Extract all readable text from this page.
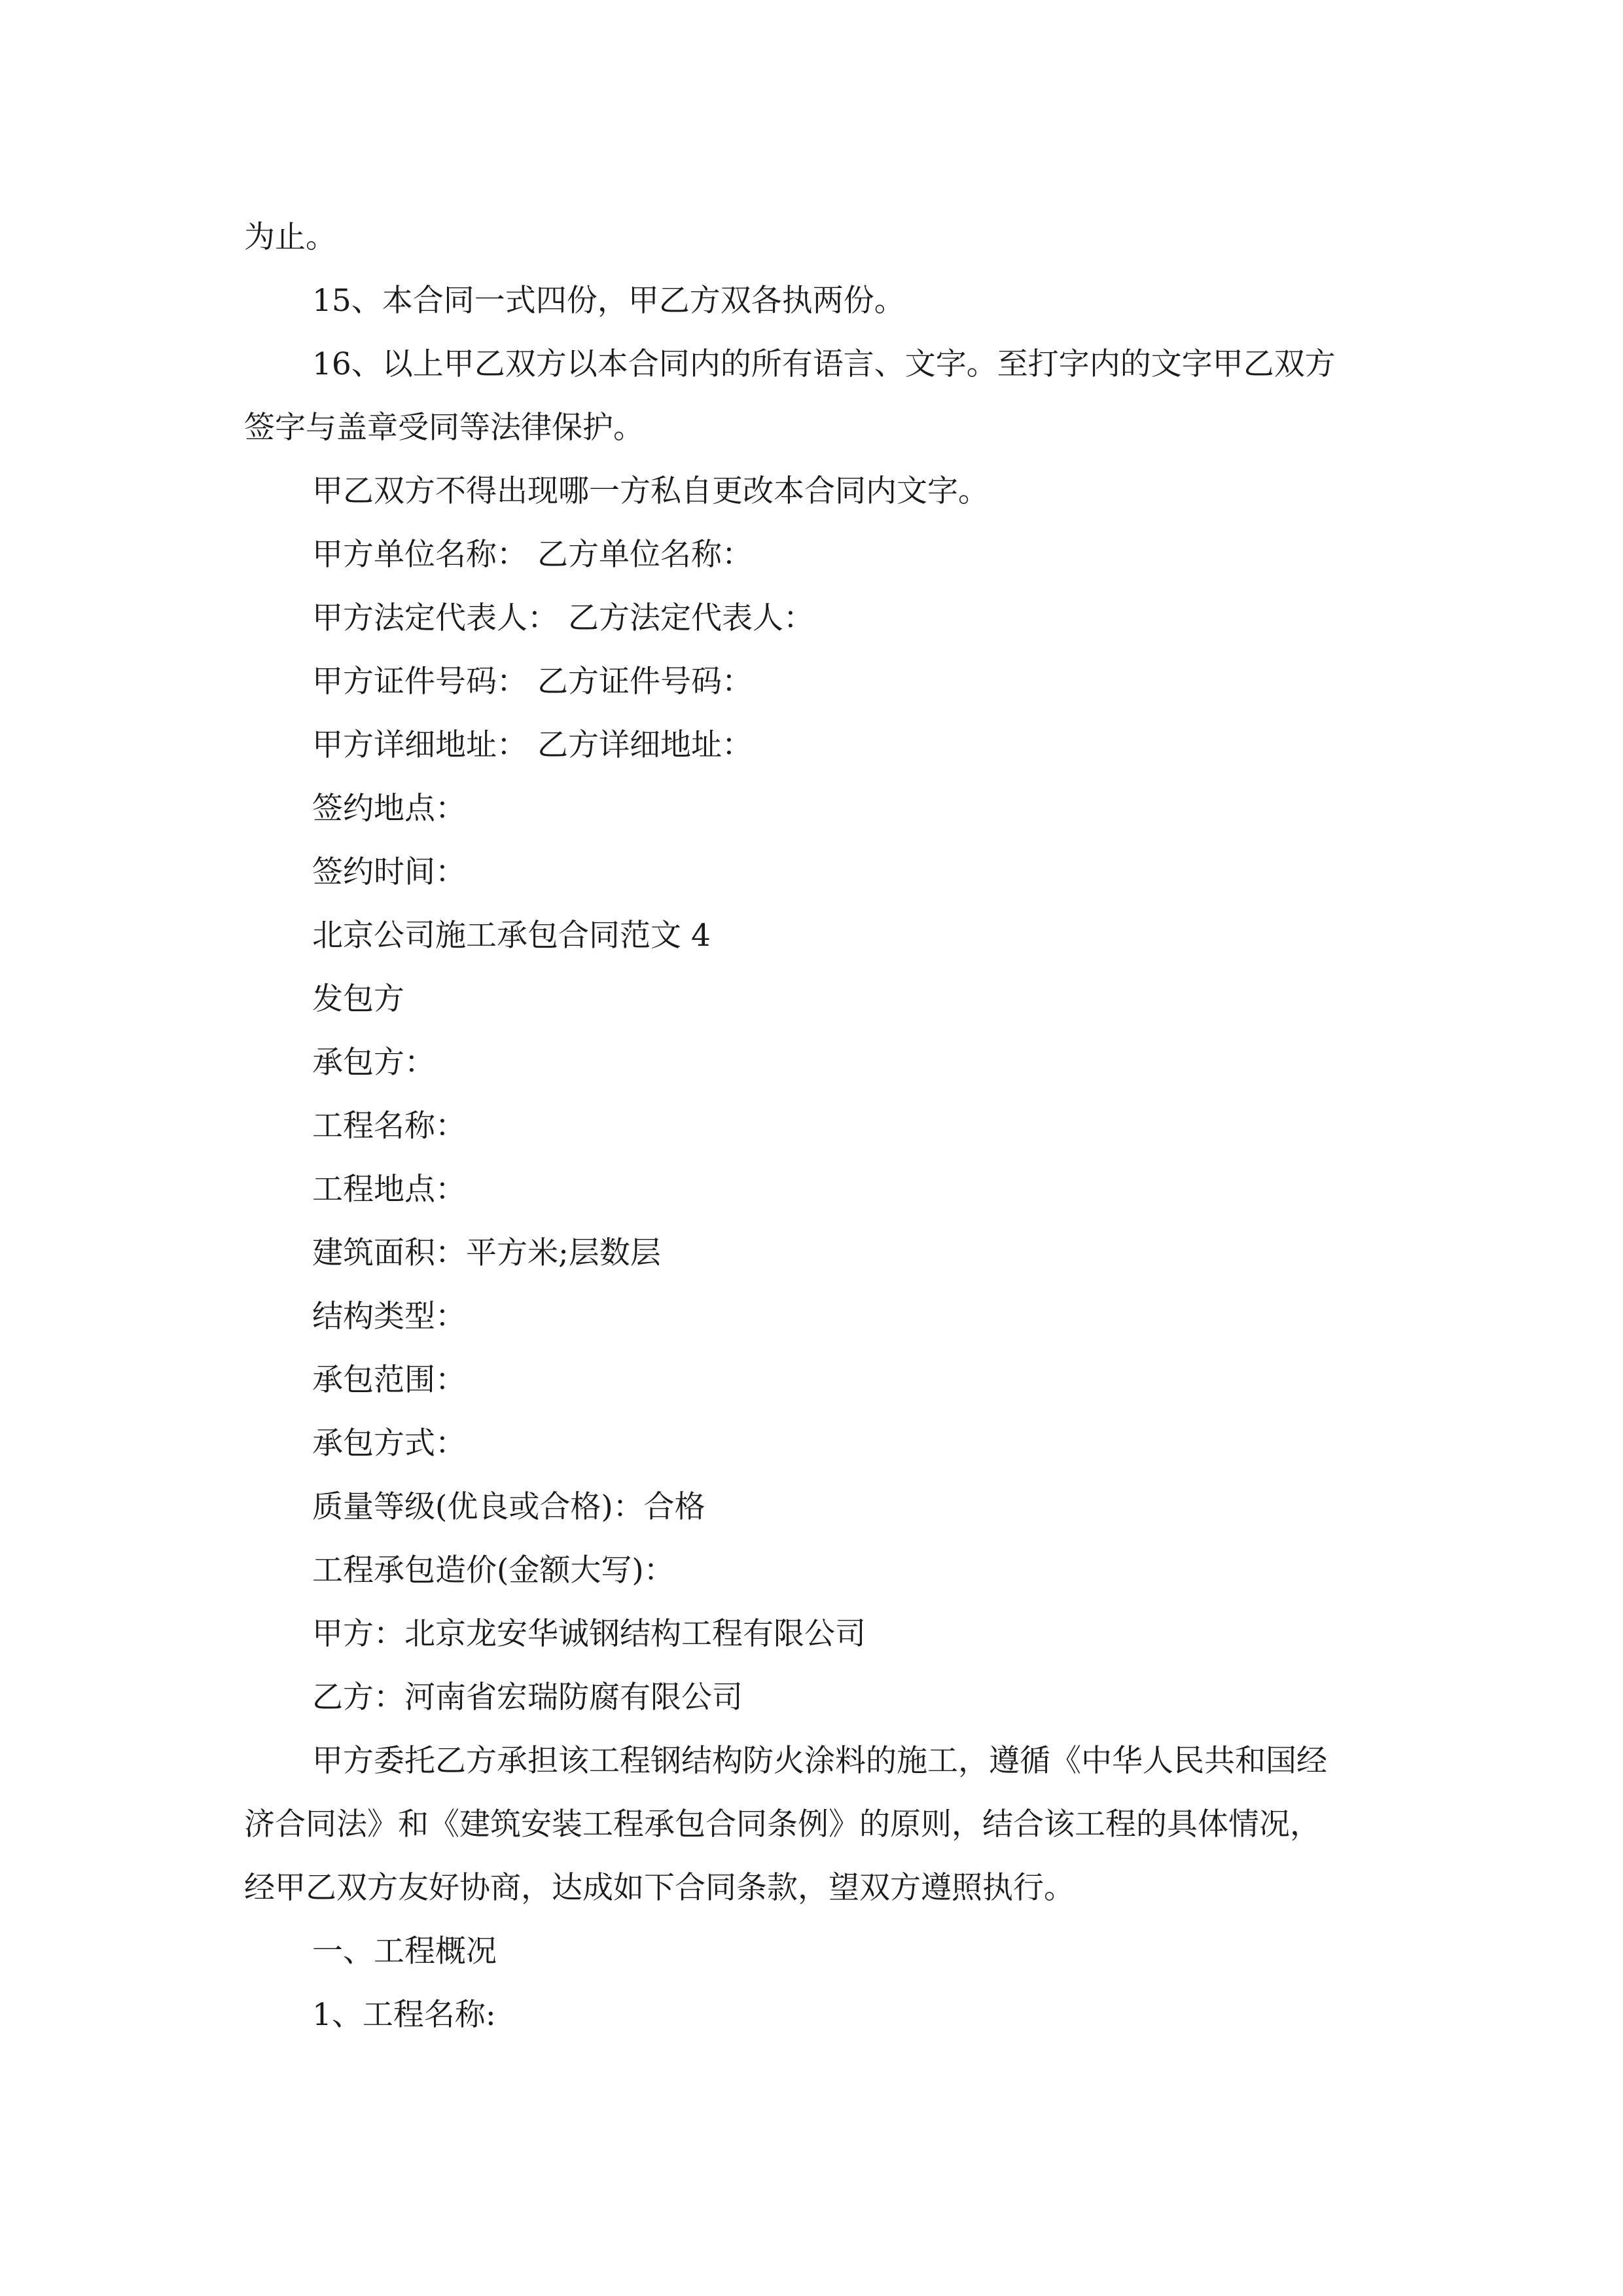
为止。
15、本合同一式四份，甲乙方双各执两份。
16、以上甲乙双方以本合同内的所有语言、文字。至打字内的文字甲乙双方
签字与盖章受同等法律保护。
甲乙双方不得出现哪一方私自更改本合同内文字。
甲方单位名称： 乙方单位名称：
甲方法定代表人： 乙方法定代表人：
甲方证件号码： 乙方证件号码：
甲方详细地址： 乙方详细地址：
签约地点：
签约时间：
北京公司施工承包合同范文 4
发包方
承包方：
工程名称：
工程地点：
建筑面积：平方米;层数层
结构类型：
承包范围：
承包方式：
质量等级(优良或合格)：合格
工程承包造价(金额大写)：
甲方：北京龙安华诚钢结构工程有限公司
乙方：河南省宏瑞防腐有限公司
甲方委托乙方承担该工程钢结构防火涂料的施工，遵循《中华人民共和国经
济合同法》和《建筑安装工程承包合同条例》的原则，结合该工程的具体情况，
经甲乙双方友好协商，达成如下合同条款，望双方遵照执行。
一、工程概况
1、工程名称:
